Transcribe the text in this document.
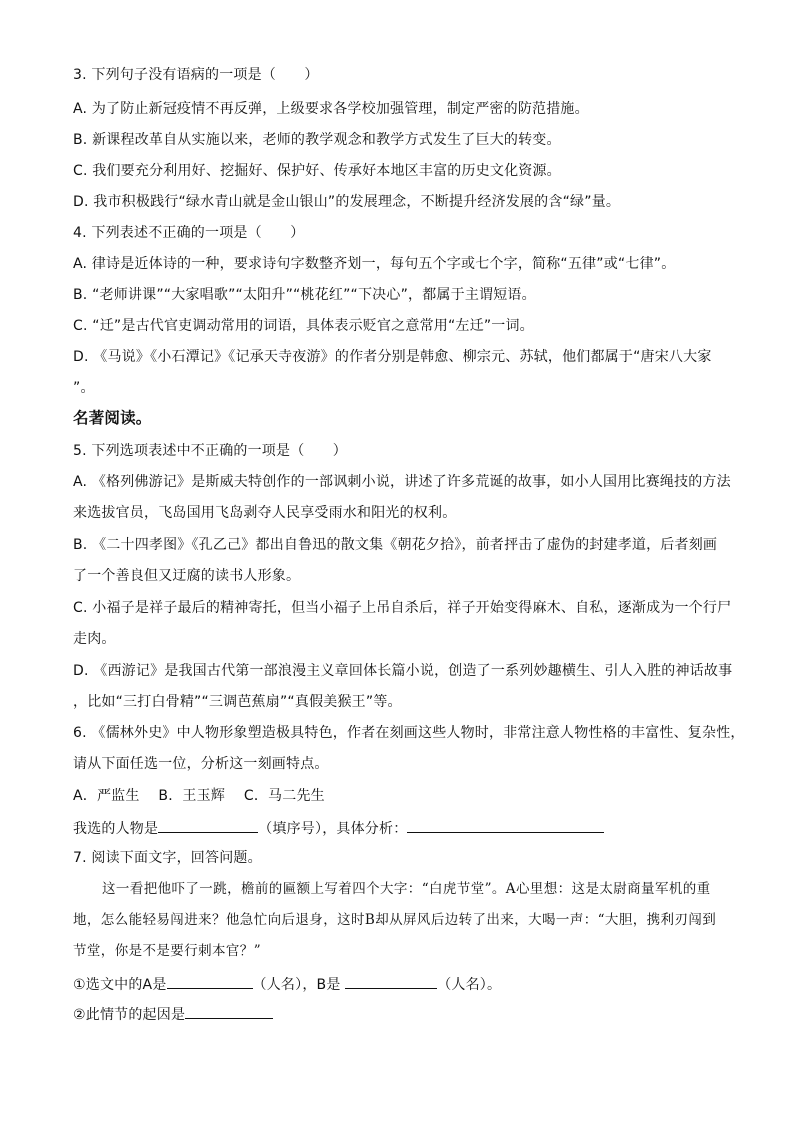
3. 下列句子没有语病的一项是（　　）
A. 为了防止新冠疫情不再反弹，上级要求各学校加强管理，制定严密的防范措施。
B. 新课程改革自从实施以来，老师的教学观念和教学方式发生了巨大的转变。
C. 我们要充分利用好、挖掘好、保护好、传承好本地区丰富的历史文化资源。
D. 我市积极践行“绿水青山就是金山银山”的发展理念，不断提升经济发展的含“绿”量。
4. 下列表述不正确的一项是（　　）
A. 律诗是近体诗的一种，要求诗句字数整齐划一，每句五个字或七个字，简称“五律”或“七律”。
B. “老师讲课”“大家唱歌”“太阳升”“桃花红”“下决心”，都属于主谓短语。
C. “迁”是古代官吏调动常用的词语，具体表示贬官之意常用“左迁”一词。
D. 《马说》《小石潭记》《记承天寺夜游》的作者分别是韩愈、柳宗元、苏轼，他们都属于“唐宋八大家
”。
名著阅读。
5. 下列选项表述中不正确的一项是（　　）
A. 《格列佛游记》是斯威夫特创作的一部讽刺小说，讲述了许多荒诞的故事，如小人国用比赛绳技的方法
来选拔官员，飞岛国用飞岛剥夺人民享受雨水和阳光的权利。
B. 《二十四孝图》《孔乙己》都出自鲁迅的散文集《朝花夕拾》，前者抨击了虚伪的封建孝道，后者刻画
了一个善良但又迂腐的读书人形象。
C. 小福子是祥子最后的精神寄托，但当小福子上吊自杀后，祥子开始变得麻木、自私，逐渐成为一个行尸
走肉。
D. 《西游记》是我国古代第一部浪漫主义章回体长篇小说，创造了一系列妙趣横生、引人入胜的神话故事
，比如“三打白骨精”“三调芭蕉扇”“真假美猴王”等。
6. 《儒林外史》中人物形象塑造极具特色，作者在刻画这些人物时，非常注意人物性格的丰富性、复杂性，
请从下面任选一位，分析这一刻画特点。
A．严监生　 B．王玉辉　 C．马二先生
我选的人物是	（填序号），具体分析：
7. 阅读下面文字，回答问题。
这一看把他吓了一跳，檐前的匾额上写着四个大字：“白虎节堂”。A心里想：这是太尉商量军机的重
地，怎么能轻易闯进来？他急忙向后退身，这时B却从屏风后边转了出来，大喝一声：“大胆，携利刃闯到
节堂，你是不是要行刺本官？”
①选文中的A是	（人名），B是	（人名）。
②此情节的起因是
